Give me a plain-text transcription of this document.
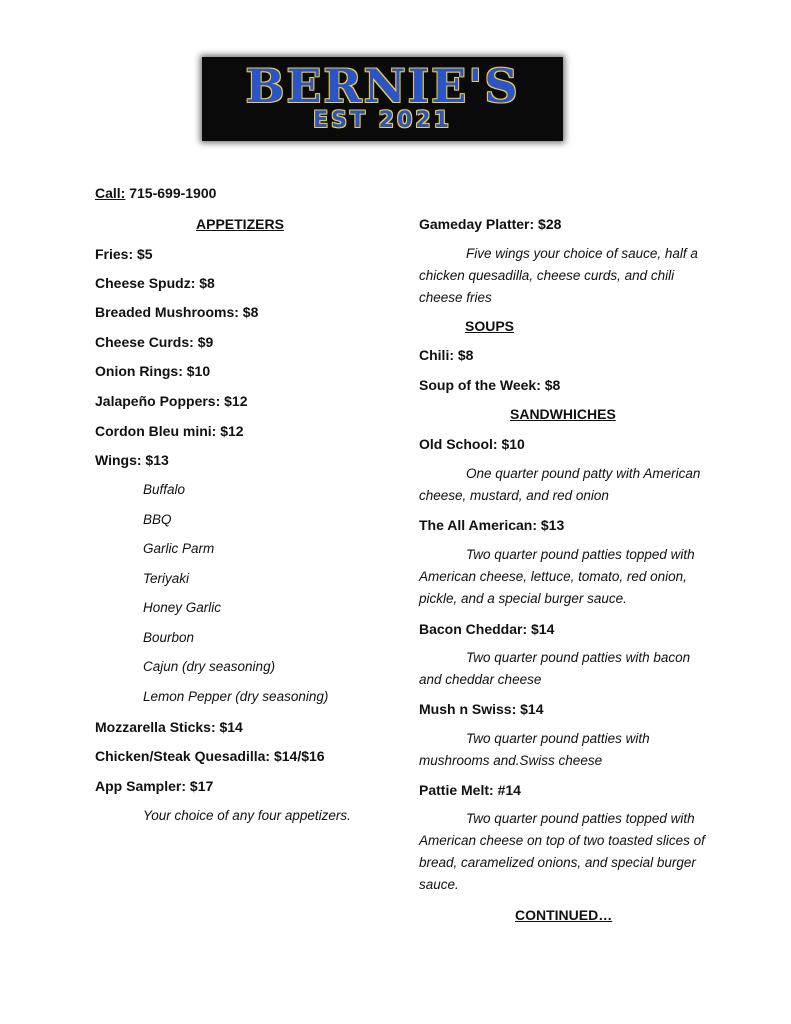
BERNIE'S
EST 2021
Call: 715-699-1900
APPETIZERS
Fries: $5
Cheese Spudz: $8
Breaded Mushrooms: $8
Cheese Curds: $9
Onion Rings: $10
Jalapeño Poppers: $12
Cordon Bleu mini: $12
Wings: $13
Buffalo
BBQ
Garlic Parm
Teriyaki
Honey Garlic
Bourbon
Cajun (dry seasoning)
Lemon Pepper (dry seasoning)
Mozzarella Sticks: $14
Chicken/Steak Quesadilla: $14/$16
App Sampler: $17
Your choice of any four appetizers.
Gameday Platter: $28
Five wings your choice of sauce, half a chicken quesadilla, cheese curds, and chili cheese fries
SOUPS
Chili: $8
Soup of the Week: $8
SANDWHICHES
Old School: $10
One quarter pound patty with American cheese, mustard, and red onion
The All American: $13
Two quarter pound patties topped with American cheese, lettuce, tomato, red onion, pickle, and a special burger sauce.
Bacon Cheddar: $14
Two quarter pound patties with bacon and cheddar cheese
Mush n Swiss: $14
Two quarter pound patties with mushrooms and.Swiss cheese
Pattie Melt: #14
Two quarter pound patties topped with American cheese on top of two toasted slices of bread, caramelized onions, and special burger sauce.
CONTINUED…
